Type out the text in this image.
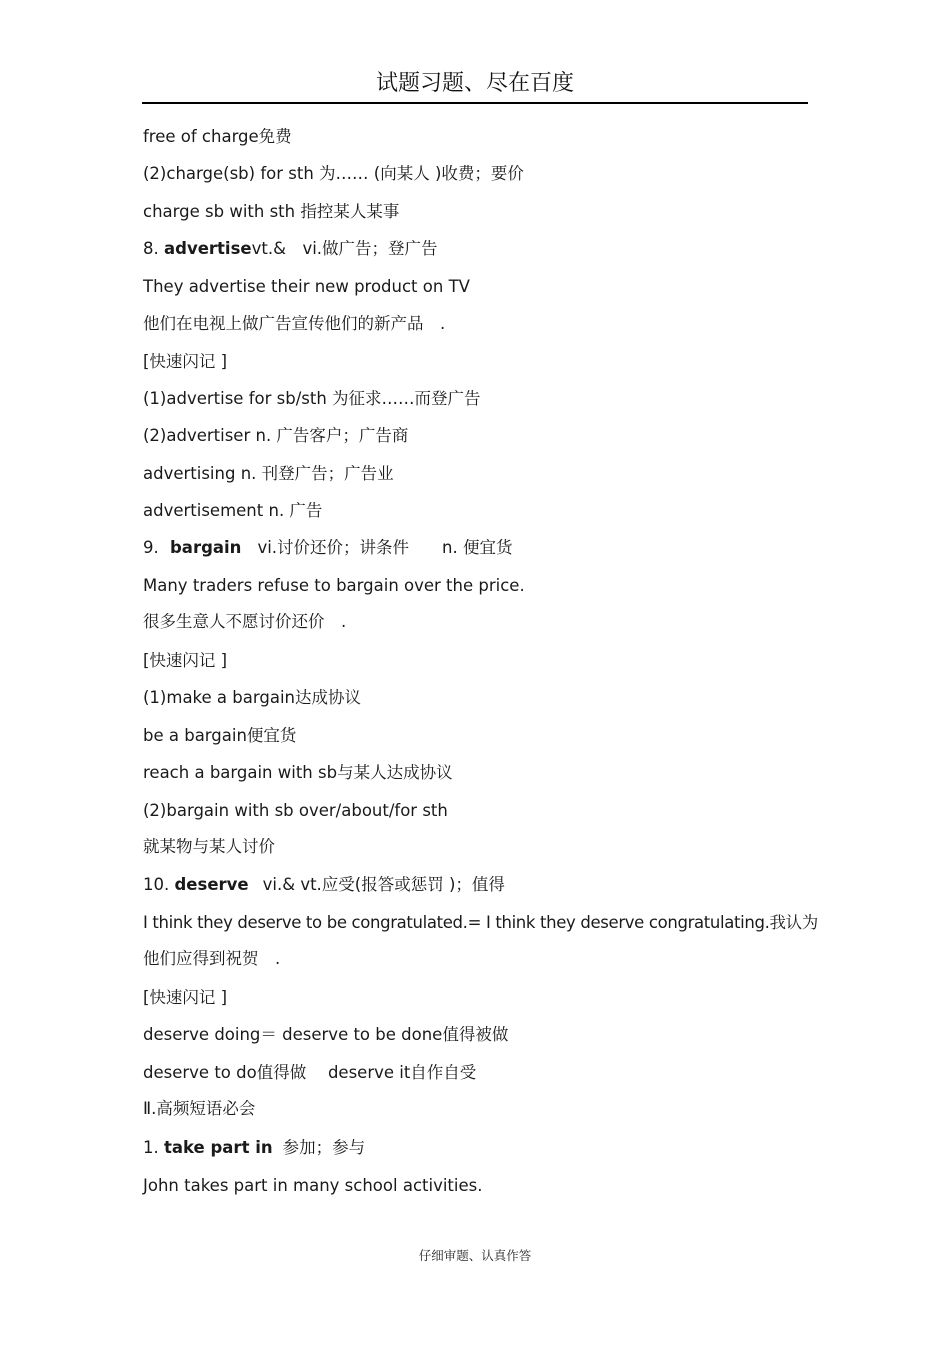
试题习题、尽在百度
free of charge免费
(2)charge(sb) for sth 为…… (向某人 )收费；要价
charge sb with sth 指控某人某事
8. advertisevt.&　vi.做广告；登广告
They advertise their new product on TV
他们在电视上做广告宣传他们的新产品　.
[快速闪记 ]
(1)advertise for sb/sth 为征求……而登广告
(2)advertiser n. 广告客户；广告商
advertising n. 刊登广告；广告业
advertisement n. 广告
9. bargain vi.讨价还价；讲条件　　n. 便宜货
Many traders refuse to bargain over the price.
很多生意人不愿讨价还价　.
[快速闪记 ]
(1)make a bargain达成协议
be a bargain便宜货
reach a bargain with sb与某人达成协议
(2)bargain with sb over/about/for sth
就某物与某人讨价
10. deserve vi.& vt.应受(报答或惩罚 )；值得
I think they deserve to be congratulated.= I think they deserve congratulating.我认为
他们应得到祝贺　.
[快速闪记 ]
deserve doing＝ deserve to be done值得被做
deserve to do值得做　 deserve it自作自受
Ⅱ.高频短语必会
1. take part in 参加；参与
John takes part in many school activities.
仔细审题、认真作答
